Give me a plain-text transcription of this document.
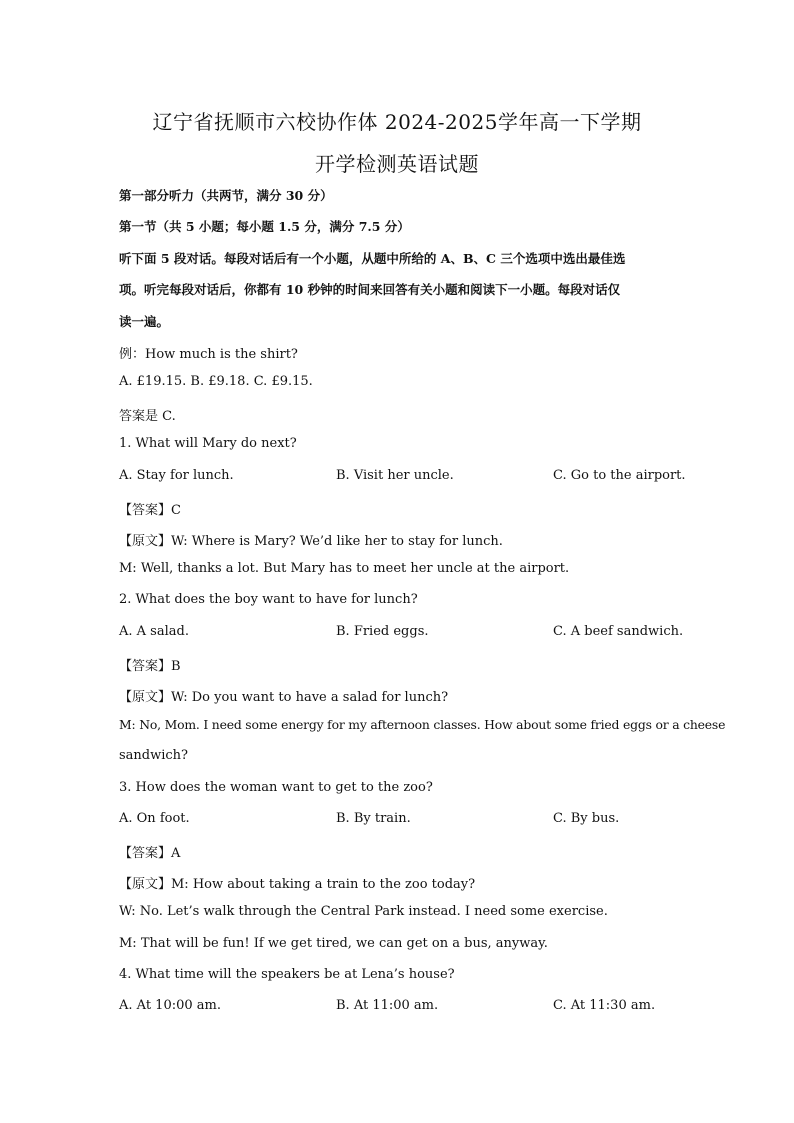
辽宁省抚顺市六校协作体 2024-2025学年高一下学期
开学检测英语试题
第一部分听力（共两节，满分 30 分）
第一节（共 5 小题；每小题 1.5 分，满分 7.5 分）
听下面 5 段对话。每段对话后有一个小题，从题中所给的 A、B、C 三个选项中选出最佳选
项。听完每段对话后，你都有 10 秒钟的时间来回答有关小题和阅读下一小题。每段对话仅
读一遍。
例：How much is the shirt?
A. £19.15. B. £9.18. C. £9.15.
答案是 C.
1. What will Mary do next?
A. Stay for lunch.	B. Visit her uncle.	C. Go to the airport.
【答案】C
【原文】W: Where is Mary? We’d like her to stay for lunch.
M: Well, thanks a lot. But Mary has to meet her uncle at the airport.
2. What does the boy want to have for lunch?
A. A salad.	B. Fried eggs.	C. A beef sandwich.
【答案】B
【原文】W: Do you want to have a salad for lunch?
M: No, Mom. I need some energy for my afternoon classes. How about some fried eggs or a cheese
sandwich?
3. How does the woman want to get to the zoo?
A. On foot.	B. By train.	C. By bus.
【答案】A
【原文】M: How about taking a train to the zoo today?
W: No. Let’s walk through the Central Park instead. I need some exercise.
M: That will be fun! If we get tired, we can get on a bus, anyway.
4. What time will the speakers be at Lena’s house?
A. At 10:00 am.	B. At 11:00 am.	C. At 11:30 am.
